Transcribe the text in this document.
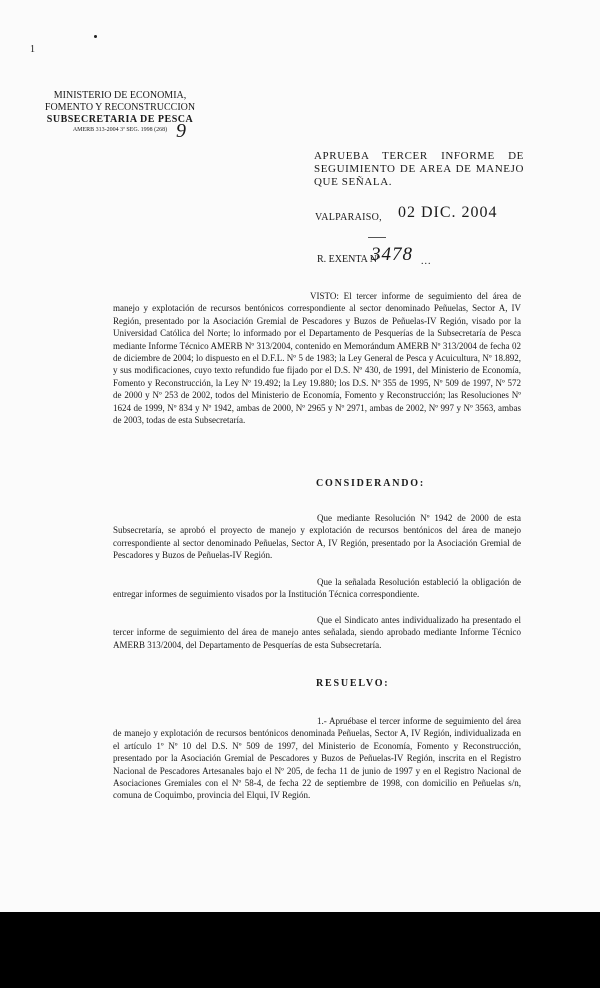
1
MINISTERIO DE ECONOMIA,
FOMENTO Y RECONSTRUCCION
SUBSECRETARIA DE PESCA
AMERB 313-2004 3ª SEG. 1998 (268) 9
APRUEBA TERCER INFORME DE SEGUIMIENTO DE AREA DE MANEJO QUE SEÑALA.
VALPARAISO, 02 DIC. 2004
R. EXENTA Nº
3478 ...
VISTO: El tercer informe de seguimiento del área de manejo y explotación de recursos bentónicos correspondiente al sector denominado Peñuelas, Sector A, IV Región, presentado por la Asociación Gremial de Pescadores y Buzos de Peñuelas-IV Región, visado por la Universidad Católica del Norte; lo informado por el Departamento de Pesquerías de la Subsecretaría de Pesca mediante Informe Técnico AMERB Nº 313/2004, contenido en Memorándum AMERB Nº 313/2004 de fecha 02 de diciembre de 2004; lo dispuesto en el D.F.L. Nº 5 de 1983; la Ley General de Pesca y Acuicultura, Nº 18.892, y sus modificaciones, cuyo texto refundido fue fijado por el D.S. Nº 430, de 1991, del Ministerio de Economía, Fomento y Reconstrucción, la Ley Nº 19.492; la Ley 19.880; los D.S. Nº 355 de 1995, Nº 509 de 1997, Nº 572 de 2000 y Nº 253 de 2002, todos del Ministerio de Economía, Fomento y Reconstrucción; las Resoluciones Nº 1624 de 1999, Nº 834 y Nº 1942, ambas de 2000, Nº 2965 y Nº 2971, ambas de 2002, Nº 997 y Nº 3563, ambas de 2003, todas de esta Subsecretaría.
CONSIDERANDO:
Que mediante Resolución Nº 1942 de 2000 de esta Subsecretaría, se aprobó el proyecto de manejo y explotación de recursos bentónicos del área de manejo correspondiente al sector denominado Peñuelas, Sector A, IV Región, presentado por la Asociación Gremial de Pescadores y Buzos de Peñuelas-IV Región.
Que la señalada Resolución estableció la obligación de entregar informes de seguimiento visados por la Institución Técnica correspondiente.
Que el Sindicato antes individualizado ha presentado el tercer informe de seguimiento del área de manejo antes señalada, siendo aprobado mediante Informe Técnico AMERB 313/2004, del Departamento de Pesquerías de esta Subsecretaría.
RESUELVO:
1.- Apruébase el tercer informe de seguimiento del área de manejo y explotación de recursos bentónicos denominada Peñuelas, Sector A, IV Región, individualizada en el artículo 1º Nº 10 del D.S. Nº 509 de 1997, del Ministerio de Economía, Fomento y Reconstrucción, presentado por la Asociación Gremial de Pescadores y Buzos de Peñuelas-IV Región, inscrita en el Registro Nacional de Pescadores Artesanales bajo el Nº 205, de fecha 11 de junio de 1997 y en el Registro Nacional de Asociaciones Gremiales con el Nº 58-4, de fecha 22 de septiembre de 1998, con domicilio en Peñuelas s/n, comuna de Coquimbo, provincia del Elqui, IV Región.
